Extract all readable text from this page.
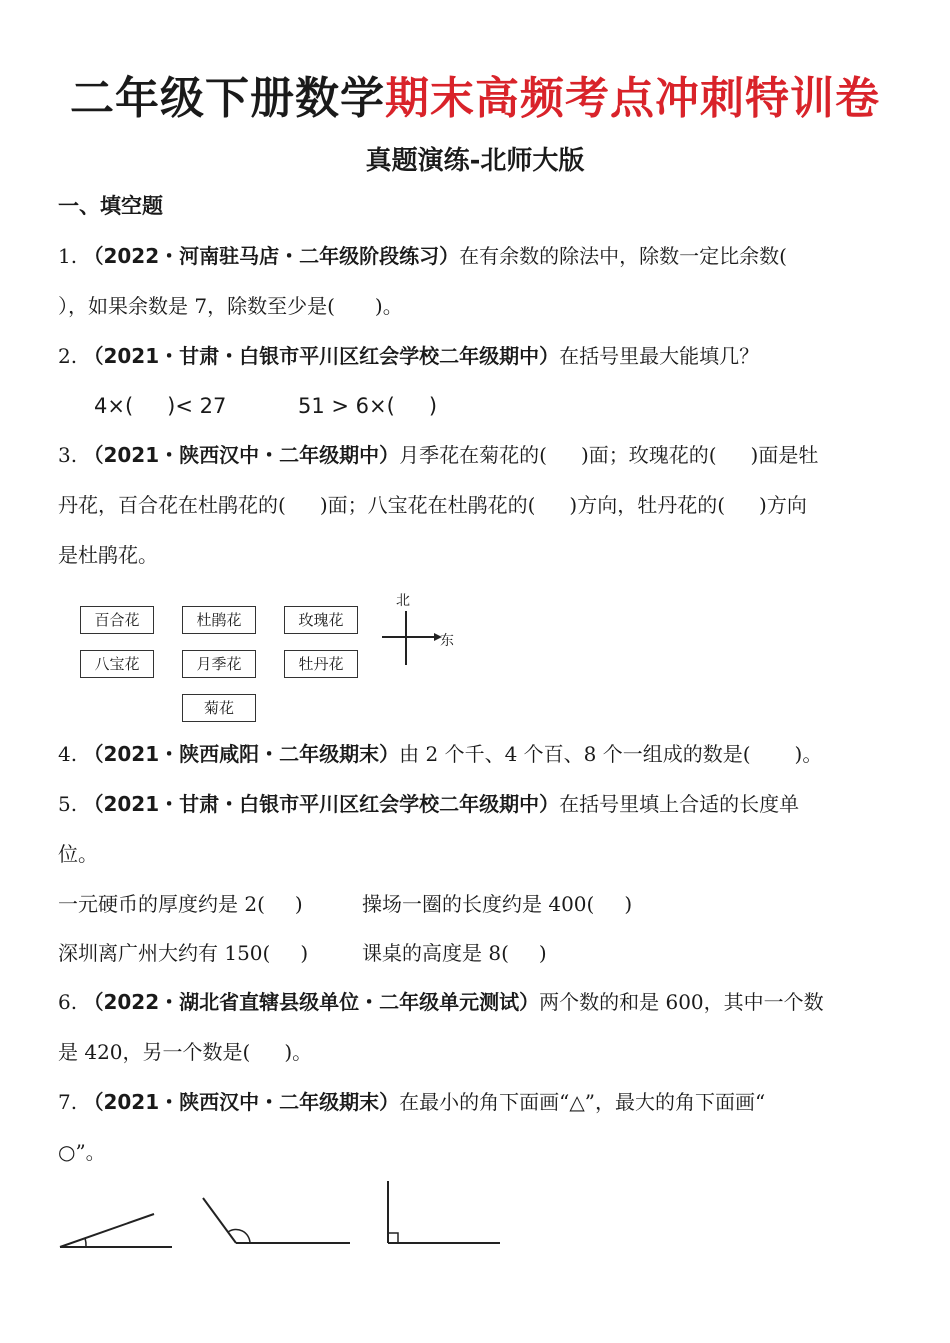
二年级下册数学期末高频考点冲刺特训卷
真题演练-北师大版
一、填空题
1. （2022・河南驻马店・二年级阶段练习）在有余数的除法中，除数一定比余数(
），如果余数是 7，除数至少是( )。
2. （2021・甘肃・白银市平川区红会学校二年级期中）在括号里最大能填几？
4×( )< 27	51 > 6×( )
3. （2021・陕西汉中・二年级期中）月季花在菊花的( )面；玫瑰花的( )面是牡
丹花，百合花在杜鹃花的( )面；八宝花在杜鹃花的( )方向，牡丹花的( )方向
是杜鹃花。
百合花	杜鹃花	玫瑰花
八宝花	月季花	牡丹花
菊花
北
东
4. （2021・陕西咸阳・二年级期末）由 2 个千、4 个百、8 个一组成的数是( )。
5. （2021・甘肃・白银市平川区红会学校二年级期中）在括号里填上合适的长度单
位。
一元硬币的厚度约是 2( )	操场一圈的长度约是 400( )
深圳离广州大约有 150( )	课桌的高度是 8( )
6. （2022・湖北省直辖县级单位・二年级单元测试）两个数的和是 600，其中一个数
是 420，另一个数是( )。
7. （2021・陕西汉中・二年级期末）在最小的角下面画“△”，最大的角下面画“
○”。
